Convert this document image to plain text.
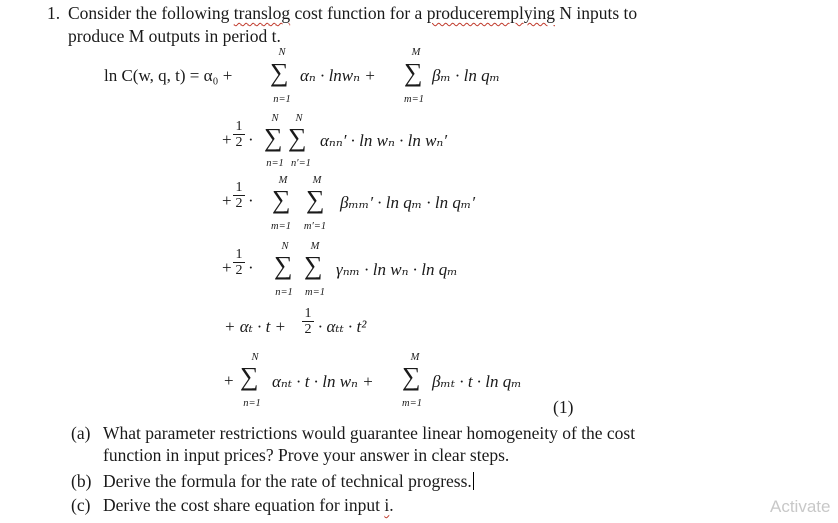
1. Consider the following translog cost function for a produceremplying N inputs to
produce M outputs in period t.
ln C(w, q, t) = α₀ +
N
∑
n=1
αₙ · lnwₙ +
M
∑
m=1
βₘ · ln qₘ
+ $\frac{1}{2}$ ·
N
∑
n=1
N
∑
n′=1
αₙₙ′ · ln wₙ · ln wₙ′
+ $\frac{1}{2}$ ·
M
∑
m=1
M
∑
m′=1
βₘₘ′ · ln qₘ · ln qₘ′
+ $\frac{1}{2}$ ·
N
∑
n=1
M
∑
m=1
γₙₘ · ln wₙ · ln qₘ
+ $\alpha_t \cdot t + \frac{1}{2} \cdot \alpha_{tt} \cdot t^2$
+
N
∑
n=1
αₙₜ · t · ln wₙ +
M
∑
m=1
βₘₜ · t · ln qₘ
(1)
(a) What parameter restrictions would guarantee linear homogeneity of the cost
function in input prices? Prove your answer in clear steps.
(b) Derive the formula for the rate of technical progress.
(c) Derive the cost share equation for input i.	Activate
